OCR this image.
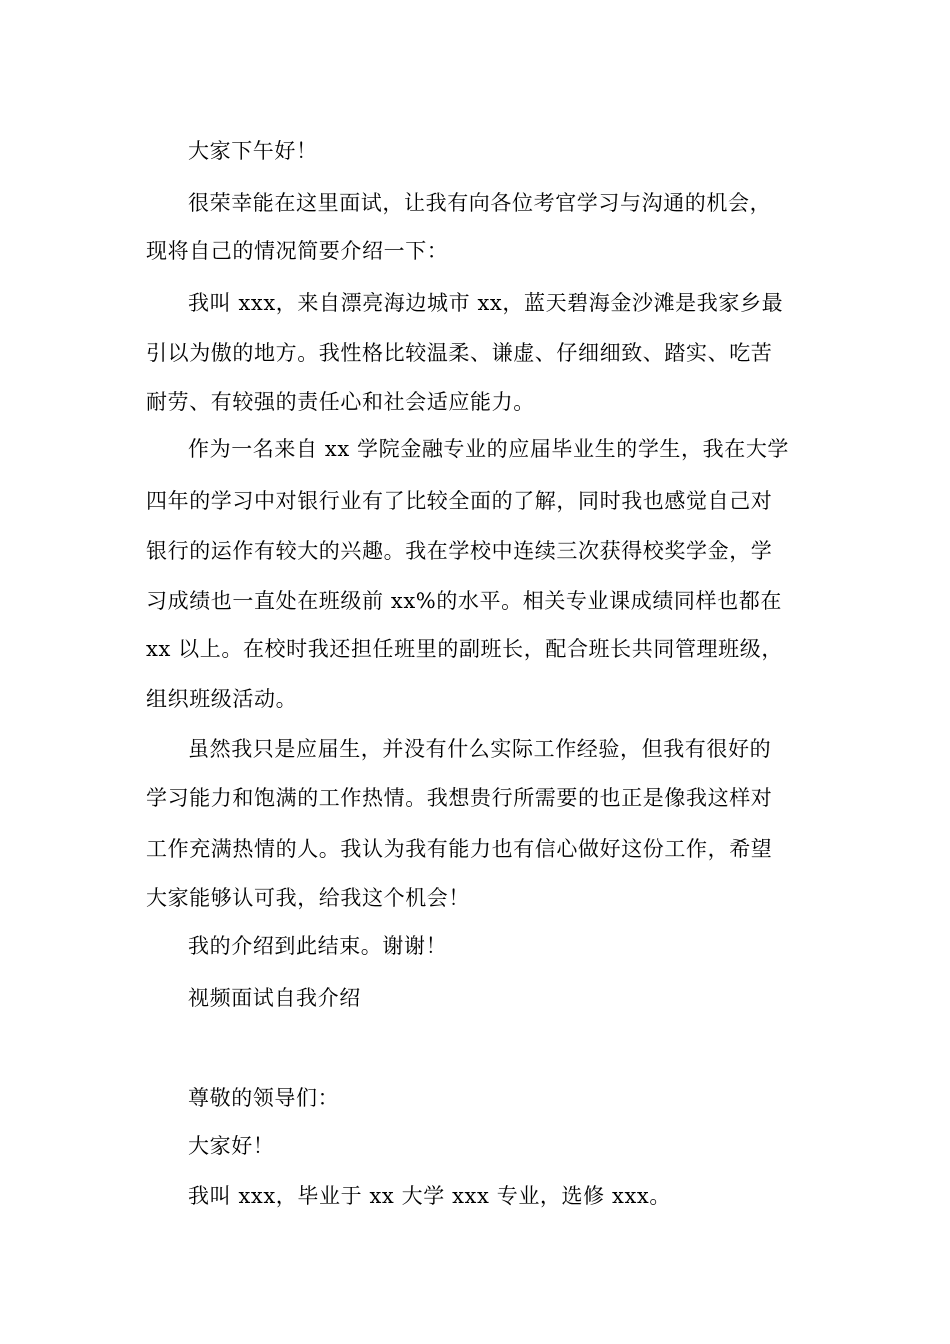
大家下午好！
很荣幸能在这里面试，让我有向各位考官学习与沟通的机会，
现将自己的情况简要介绍一下：
我叫 xxx，来自漂亮海边城市 xx，蓝天碧海金沙滩是我家乡最
引以为傲的地方。我性格比较温柔、谦虚、仔细细致、踏实、吃苦
耐劳、有较强的责任心和社会适应能力。
作为一名来自 xx 学院金融专业的应届毕业生的学生，我在大学
四年的学习中对银行业有了比较全面的了解，同时我也感觉自己对
银行的运作有较大的兴趣。我在学校中连续三次获得校奖学金，学
习成绩也一直处在班级前 xx%的水平。相关专业课成绩同样也都在
xx 以上。在校时我还担任班里的副班长，配合班长共同管理班级，
组织班级活动。
虽然我只是应届生，并没有什么实际工作经验，但我有很好的
学习能力和饱满的工作热情。我想贵行所需要的也正是像我这样对
工作充满热情的人。我认为我有能力也有信心做好这份工作，希望
大家能够认可我，给我这个机会！
我的介绍到此结束。谢谢！
视频面试自我介绍
尊敬的领导们：
大家好！
我叫 xxx，毕业于 xx 大学 xxx 专业，选修 xxx。
